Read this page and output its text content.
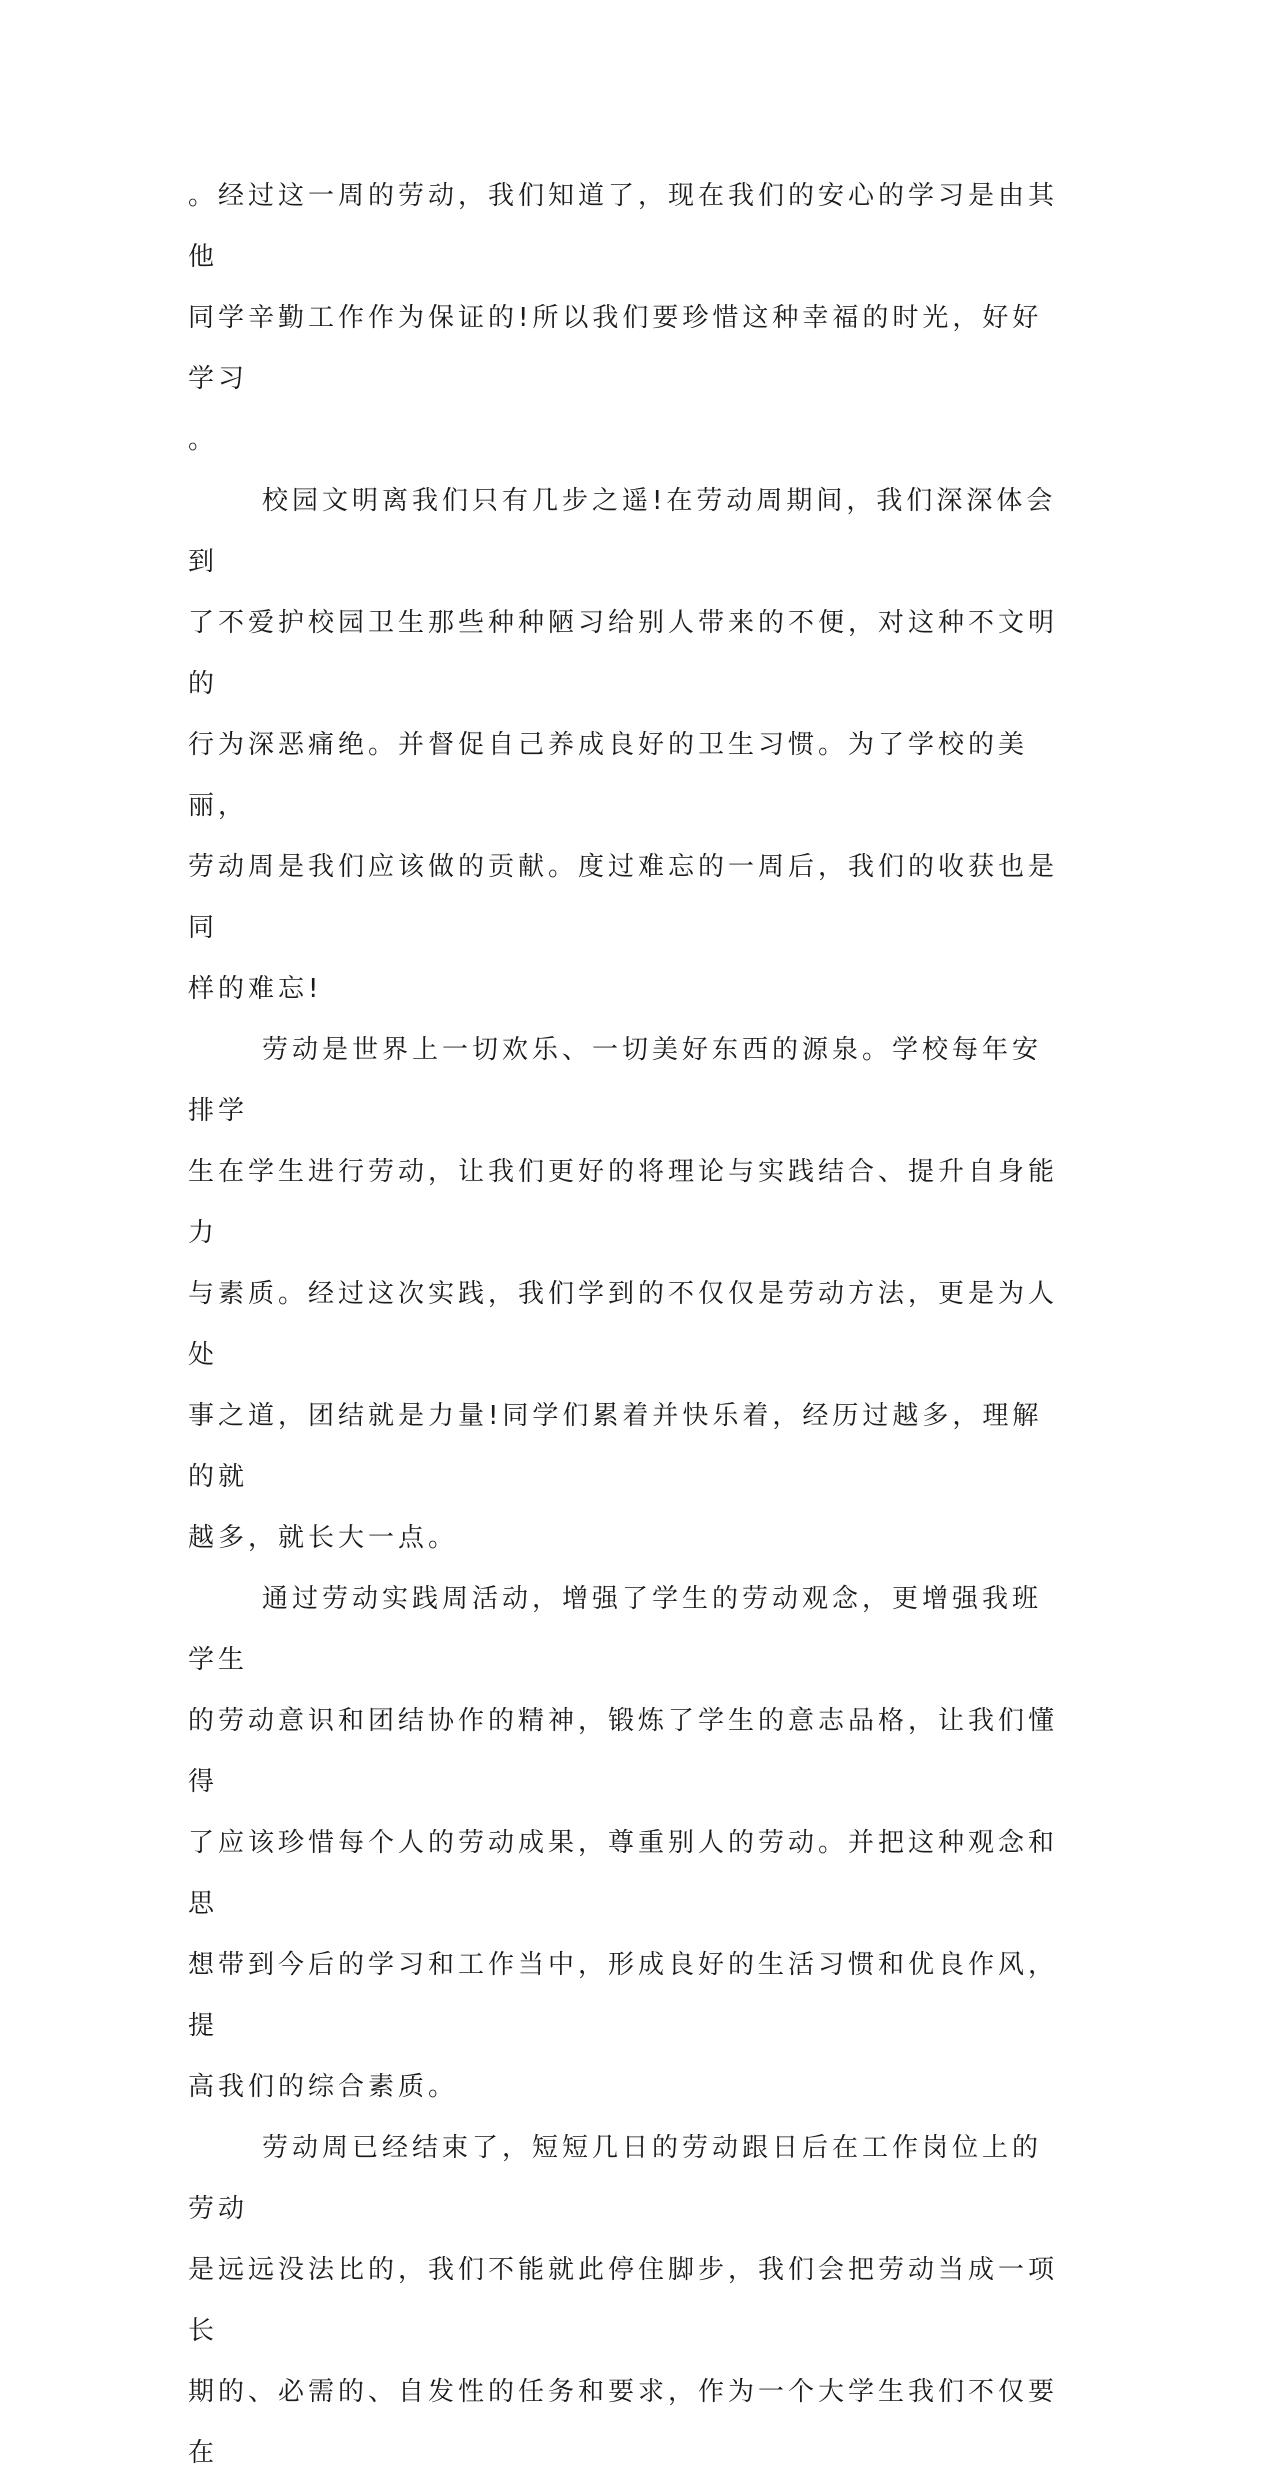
。经过这一周的劳动，我们知道了，现在我们的安心的学习是由其他
同学辛勤工作作为保证的!所以我们要珍惜这种幸福的时光，好好学习
。

校园文明离我们只有几步之遥!在劳动周期间，我们深深体会到
了不爱护校园卫生那些种种陋习给别人带来的不便，对这种不文明的
行为深恶痛绝。并督促自己养成良好的卫生习惯。为了学校的美丽，
劳动周是我们应该做的贡献。度过难忘的一周后，我们的收获也是同
样的难忘!

劳动是世界上一切欢乐、一切美好东西的源泉。学校每年安排学
生在学生进行劳动，让我们更好的将理论与实践结合、提升自身能力
与素质。经过这次实践，我们学到的不仅仅是劳动方法，更是为人处
事之道，团结就是力量!同学们累着并快乐着，经历过越多，理解的就
越多，就长大一点。

通过劳动实践周活动，增强了学生的劳动观念，更增强我班学生
的劳动意识和团结协作的精神，锻炼了学生的意志品格，让我们懂得
了应该珍惜每个人的劳动成果，尊重别人的劳动。并把这种观念和思
想带到今后的学习和工作当中，形成良好的生活习惯和优良作风，提
高我们的综合素质。

劳动周已经结束了，短短几日的劳动跟日后在工作岗位上的劳动
是远远没法比的，我们不能就此停住脚步，我们会把劳动当成一项长
期的、必需的、自发性的任务和要求，作为一个大学生我们不仅要在
